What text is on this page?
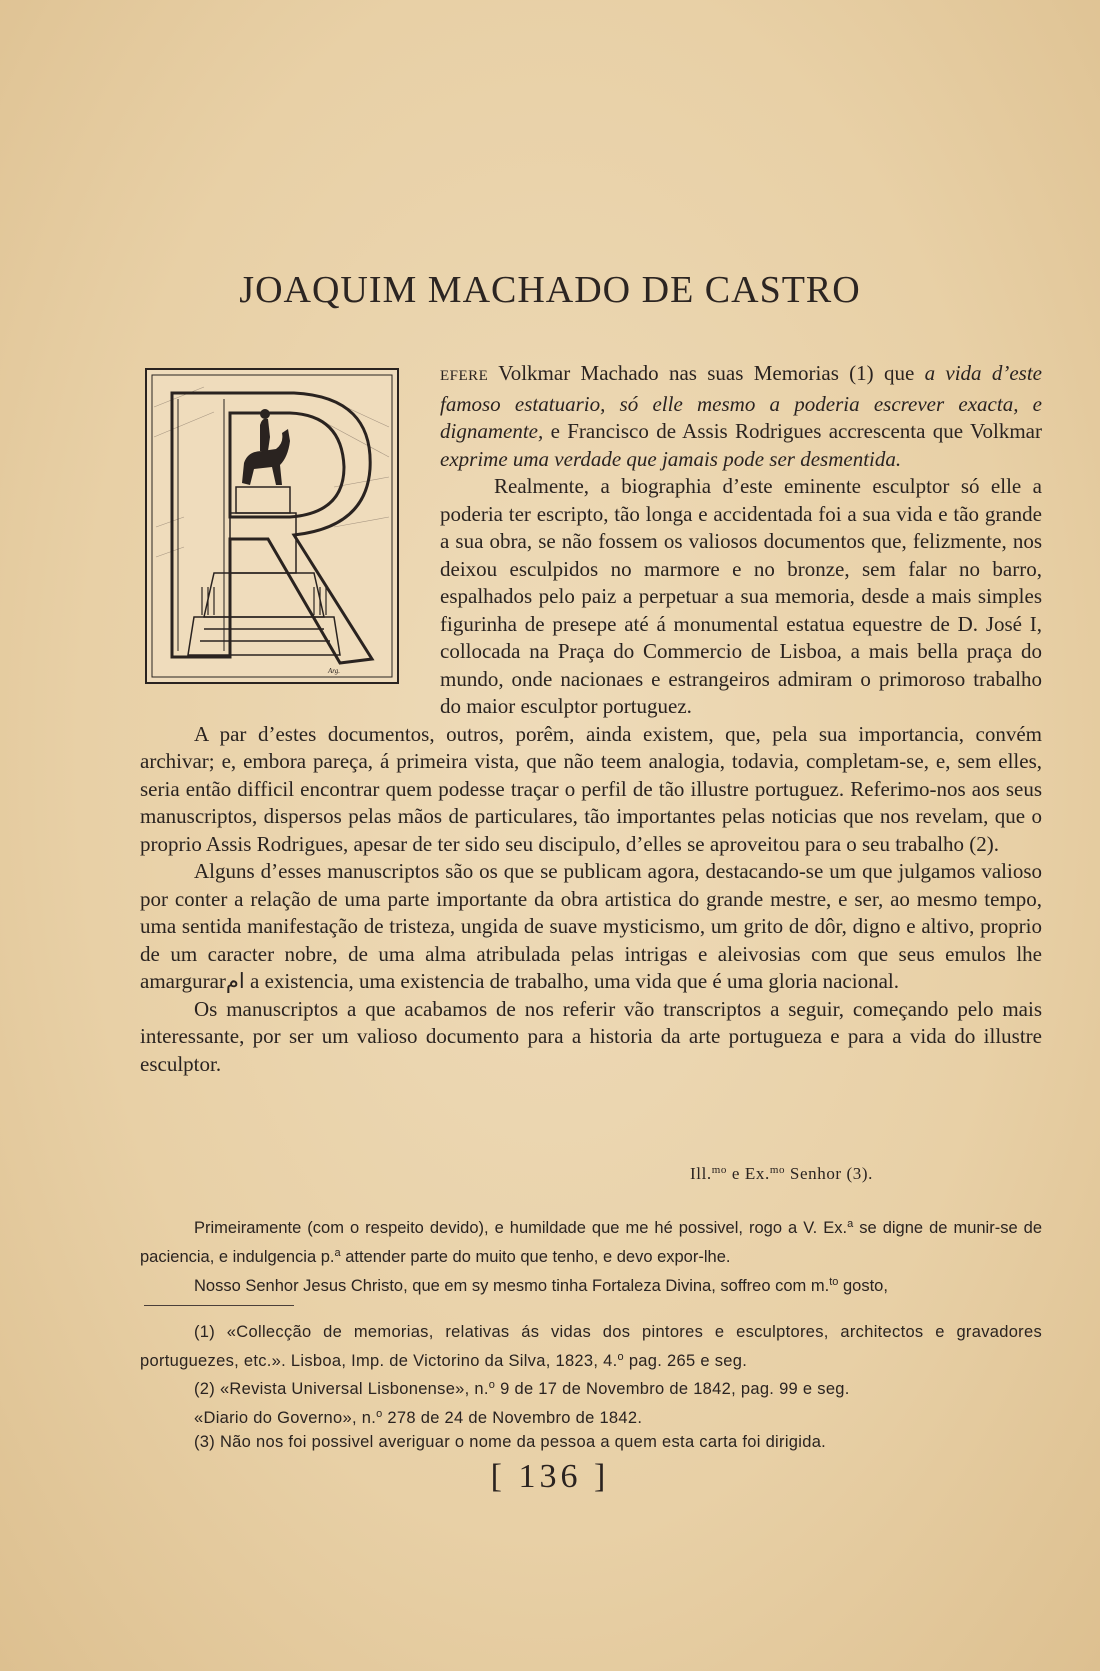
JOAQUIM MACHADO DE CASTRO
Arg.

EFERE Volkmar Machado nas suas Memorias (1) que a vida d’este famoso estatuario, só elle mesmo a poderia escrever exacta, e dignamente, e Francisco de Assis Rodrigues accrescenta que Volkmar exprime uma verdade que jamais pode ser desmentida.

Realmente, a biographia d’este eminente esculptor só elle a poderia ter escripto, tão longa e accidentada foi a sua vida e tão grande a sua obra, se não fossem os valiosos documentos que, felizmente, nos deixou esculpidos no marmore e no bronze, sem falar no barro, espalhados pelo paiz a perpetuar a sua memoria, desde a mais simples figurinha de presepe até á monumental estatua equestre de D. José I, collocada na Praça do Commercio de Lisboa, a mais bella praça do mundo, onde nacionaes e estrangeiros admiram o primoroso trabalho do maior esculptor portuguez.

A par d’estes documentos, outros, porêm, ainda existem, que, pela sua importancia, convém archivar; e, embora pareça, á primeira vista, que não teem analogia, todavia, completam-se, e, sem elles, seria então difficil encontrar quem podesse traçar o perfil de tão illustre portuguez. Referimo-nos aos seus manuscriptos, dispersos pelas mãos de particulares, tão importantes pelas noticias que nos revelam, que o proprio Assis Rodrigues, apesar de ter sido seu discipulo, d’elles se aproveitou para o seu trabalho (2).

Alguns d’esses manuscriptos são os que se publicam agora, destacando-se um que julgamos valioso por conter a relação de uma parte importante da obra artistica do grande mestre, e ser, ao mesmo tempo, uma sentida manifestação de tristeza, ungida de suave mysticismo, um grito de dôr, digno e altivo, proprio de um caracter nobre, de uma alma atribulada pelas intrigas e aleivosias com que seus emulos lhe amargurarام a existencia, uma existencia de trabalho, uma vida que é uma gloria nacional.

Os manuscriptos a que acabamos de nos referir vão transcriptos a seguir, começando pelo mais interessante, por ser um valioso documento para a historia da arte portugueza e para a vida do illustre esculptor.

Ill.$^{mo}$ e Ex.$^{mo}$ Senhor (3).

Primeiramente (com o respeito devido), e humildade que me hé possivel, rogo a V. Ex.$^a$ se digne de munir-se de paciencia, e indulgencia p.$^a$ attender parte do muito que tenho, e devo expor-lhe.

Nosso Senhor Jesus Christo, que em sy mesmo tinha Fortaleza Divina, soffreo com m.$^{to}$ gosto,

(1) «Collecção de memorias, relativas ás vidas dos pintores e esculptores, architectos e gravadores portuguezes, etc.». Lisboa, Imp. de Victorino da Silva, 1823, 4.$^o$ pag. 265 e seg.

(2) «Revista Universal Lisbonense», n.$^o$ 9 de 17 de Novembro de 1842, pag. 99 e seg.

«Diario do Governo», n.$^o$ 278 de 24 de Novembro de 1842.

(3) Não nos foi possivel averiguar o nome da pessoa a quem esta carta foi dirigida.

[ 136 ]
